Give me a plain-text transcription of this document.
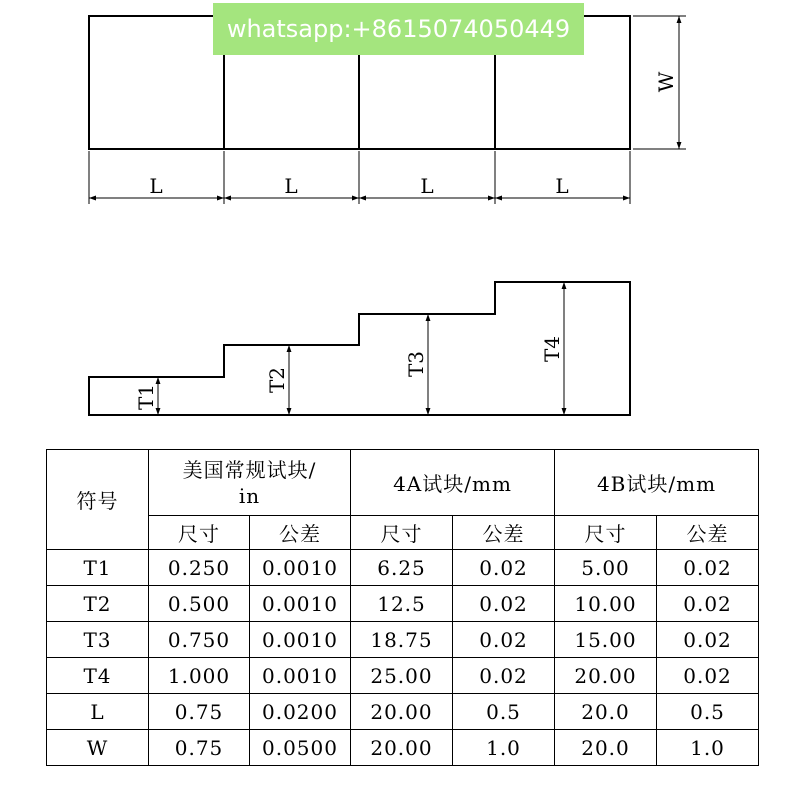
L	L	L	L
W
T1
T2
T3
T4
whatsapp:+8615074050449
符号	美国常规试块/
in		4A试块/mm		4B试块/mm	
	尺寸	公差	尺寸	公差	尺寸	公差
T1	0.250	0.0010	6.25	0.02	5.00	0.02
T2	0.500	0.0010	12.5	0.02	10.00	0.02
T3	0.750	0.0010	18.75	0.02	15.00	0.02
T4	1.000	0.0010	25.00	0.02	20.00	0.02
L	0.75	0.0200	20.00	0.5	20.0	0.5
W	0.75	0.0500	20.00	1.0	20.0	1.0
